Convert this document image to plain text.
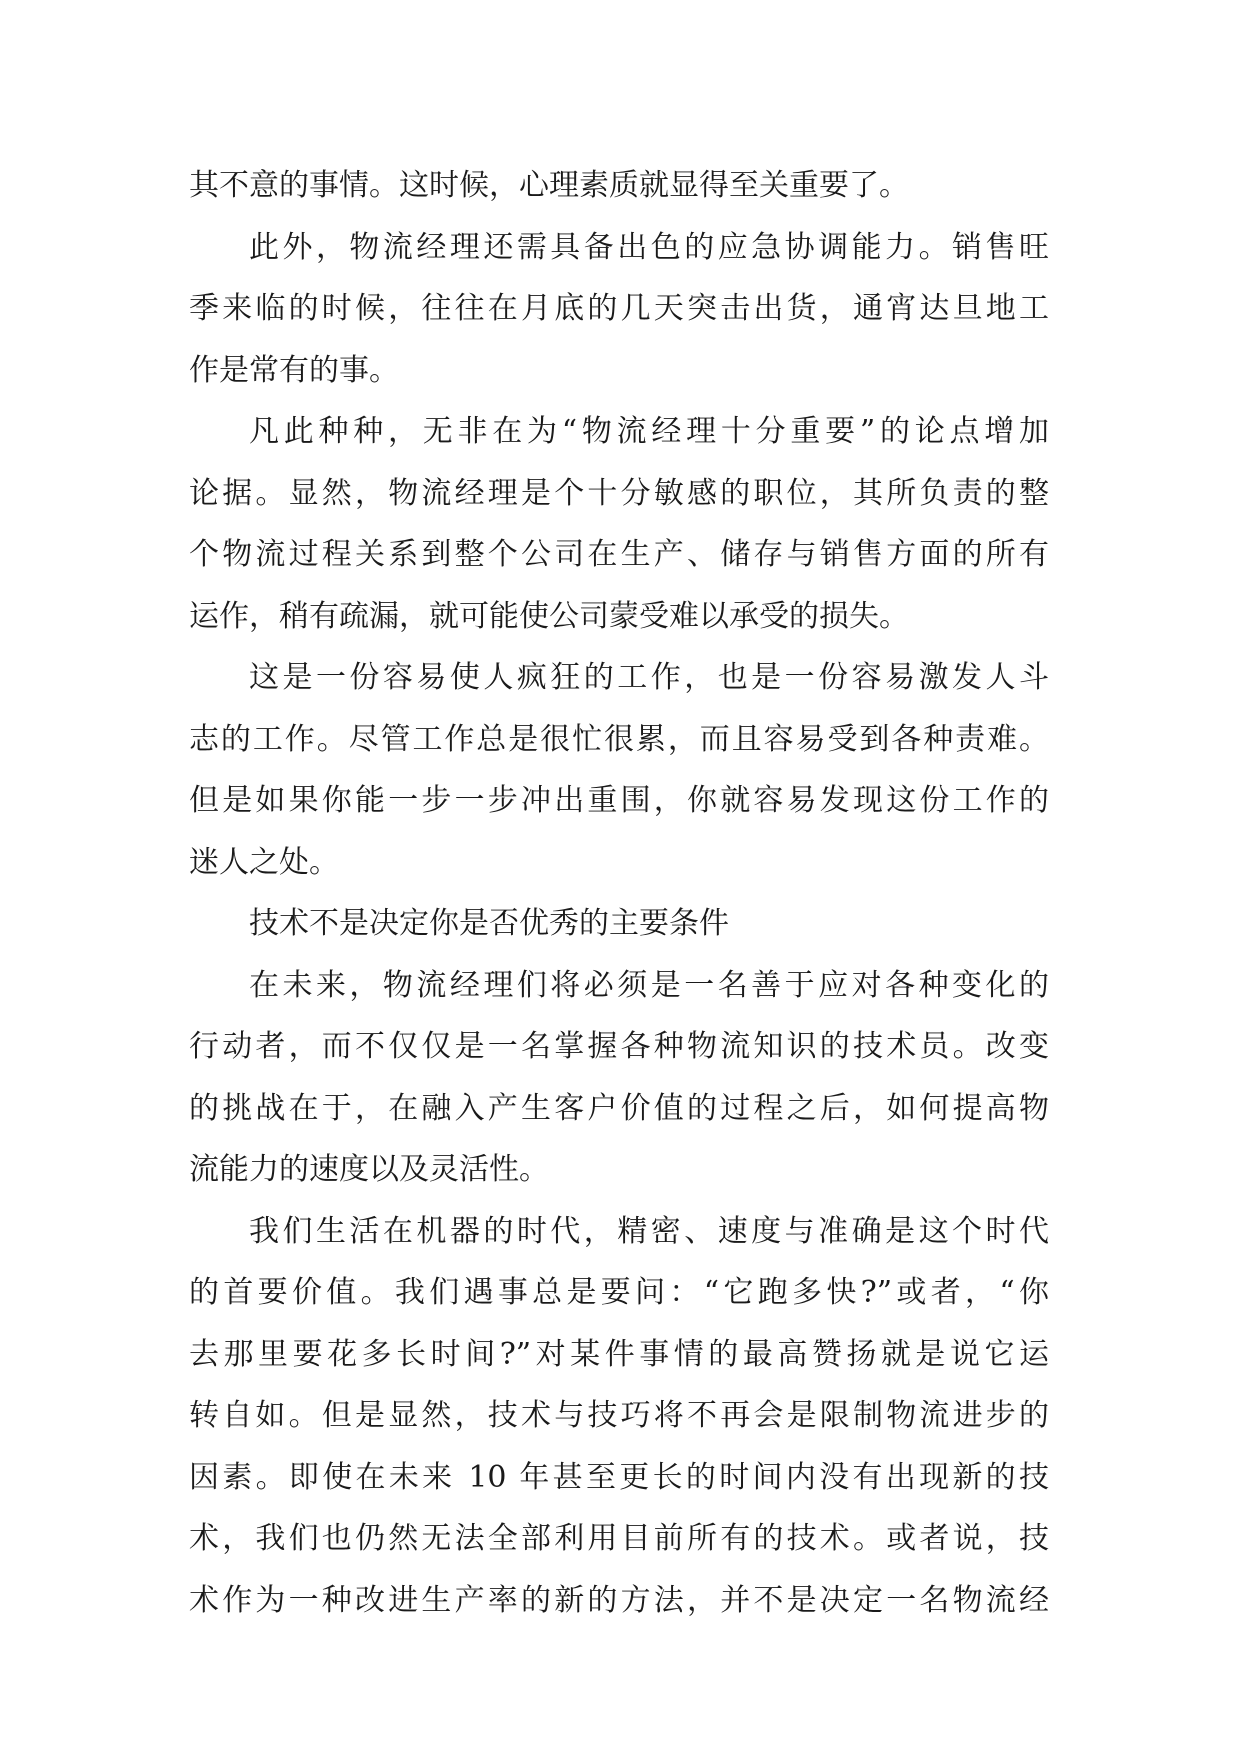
其不意的事情。这时候，心理素质就显得至关重要了。

此外，物流经理还需具备出色的应急协调能力。销售旺
季来临的时候，往往在月底的几天突击出货，通宵达旦地工
作是常有的事。

凡此种种，无非在为“物流经理十分重要”的论点增加
论据。显然，物流经理是个十分敏感的职位，其所负责的整
个物流过程关系到整个公司在生产、储存与销售方面的所有
运作，稍有疏漏，就可能使公司蒙受难以承受的损失。

这是一份容易使人疯狂的工作，也是一份容易激发人斗
志的工作。尽管工作总是很忙很累，而且容易受到各种责难。
但是如果你能一步一步冲出重围，你就容易发现这份工作的
迷人之处。

技术不是决定你是否优秀的主要条件

在未来，物流经理们将必须是一名善于应对各种变化的
行动者，而不仅仅是一名掌握各种物流知识的技术员。改变
的挑战在于，在融入产生客户价值的过程之后，如何提高物
流能力的速度以及灵活性。

我们生活在机器的时代，精密、速度与准确是这个时代
的首要价值。我们遇事总是要问：“它跑多快?”或者，“你
去那里要花多长时间?”对某件事情的最高赞扬就是说它运
转自如。但是显然，技术与技巧将不再会是限制物流进步的
因素。即使在未来 10 年甚至更长的时间内没有出现新的技
术，我们也仍然无法全部利用目前所有的技术。或者说，技
术作为一种改进生产率的新的方法，并不是决定一名物流经
